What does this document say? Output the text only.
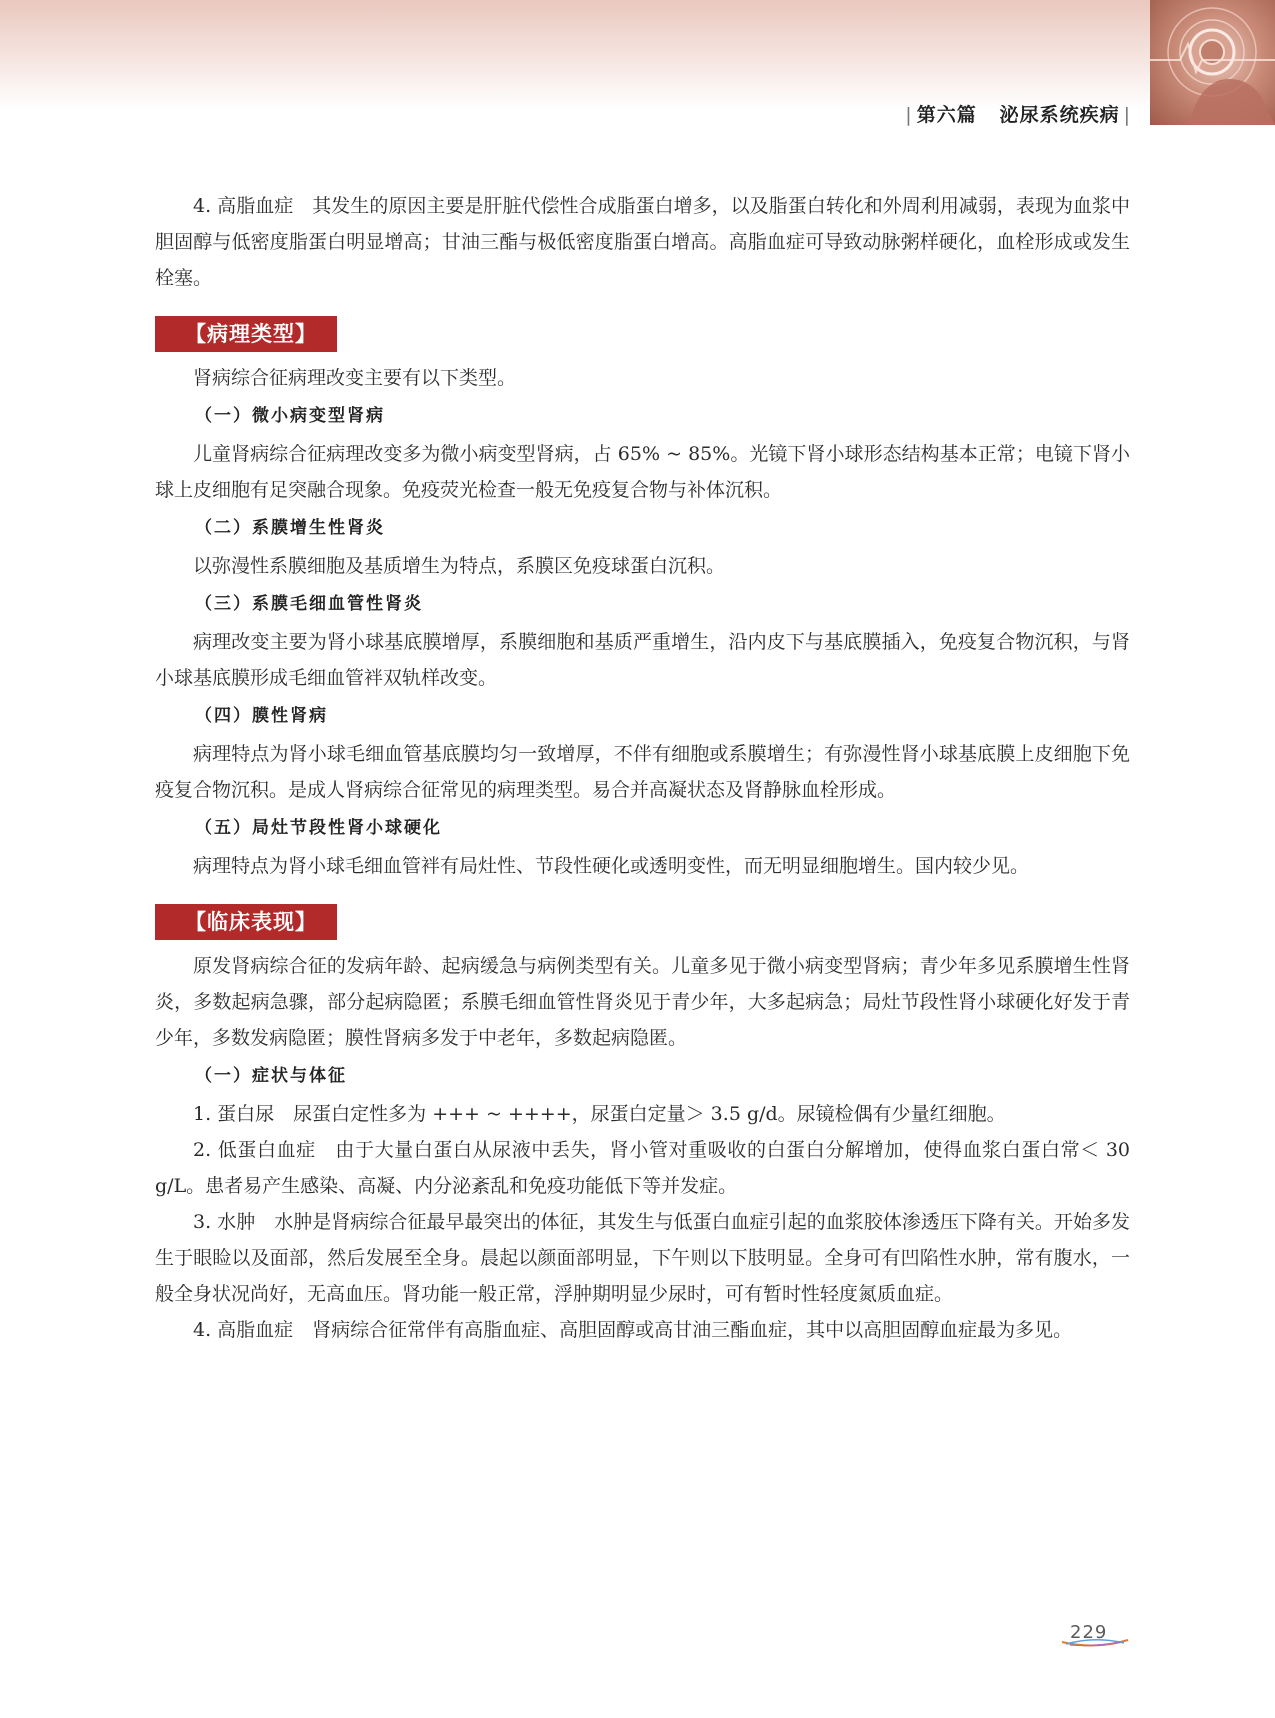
| 第六篇 泌尿系统疾病 |

4. 高脂血症　其发生的原因主要是肝脏代偿性合成脂蛋白增多，以及脂蛋白转化和外周利用减弱，表现为血浆中胆固醇与低密度脂蛋白明显增高；甘油三酯与极低密度脂蛋白增高。高脂血症可导致动脉粥样硬化，血栓形成或发生栓塞。

【病理类型】

肾病综合征病理改变主要有以下类型。

（一）微小病变型肾病

儿童肾病综合征病理改变多为微小病变型肾病，占 65% ~ 85%。光镜下肾小球形态结构基本正常；电镜下肾小球上皮细胞有足突融合现象。免疫荧光检查一般无免疫复合物与补体沉积。

（二）系膜增生性肾炎

以弥漫性系膜细胞及基质增生为特点，系膜区免疫球蛋白沉积。

（三）系膜毛细血管性肾炎

病理改变主要为肾小球基底膜增厚，系膜细胞和基质严重增生，沿内皮下与基底膜插入，免疫复合物沉积，与肾小球基底膜形成毛细血管袢双轨样改变。

（四）膜性肾病

病理特点为肾小球毛细血管基底膜均匀一致增厚，不伴有细胞或系膜增生；有弥漫性肾小球基底膜上皮细胞下免疫复合物沉积。是成人肾病综合征常见的病理类型。易合并高凝状态及肾静脉血栓形成。

（五）局灶节段性肾小球硬化

病理特点为肾小球毛细血管袢有局灶性、节段性硬化或透明变性，而无明显细胞增生。国内较少见。

【临床表现】

原发肾病综合征的发病年龄、起病缓急与病例类型有关。儿童多见于微小病变型肾病；青少年多见系膜增生性肾炎，多数起病急骤，部分起病隐匿；系膜毛细血管性肾炎见于青少年，大多起病急；局灶节段性肾小球硬化好发于青少年，多数发病隐匿；膜性肾病多发于中老年，多数起病隐匿。

（一）症状与体征

1. 蛋白尿　尿蛋白定性多为 +++ ~ ++++，尿蛋白定量＞ 3.5 g/d。尿镜检偶有少量红细胞。

2. 低蛋白血症　由于大量白蛋白从尿液中丢失，肾小管对重吸收的白蛋白分解增加，使得血浆白蛋白常＜ 30 g/L。患者易产生感染、高凝、内分泌紊乱和免疫功能低下等并发症。

3. 水肿　水肿是肾病综合征最早最突出的体征，其发生与低蛋白血症引起的血浆胶体渗透压下降有关。开始多发生于眼睑以及面部，然后发展至全身。晨起以颜面部明显，下午则以下肢明显。全身可有凹陷性水肿，常有腹水，一般全身状况尚好，无高血压。肾功能一般正常，浮肿期明显少尿时，可有暂时性轻度氮质血症。

4. 高脂血症　肾病综合征常伴有高脂血症、高胆固醇或高甘油三酯血症，其中以高胆固醇血症最为多见。

229
